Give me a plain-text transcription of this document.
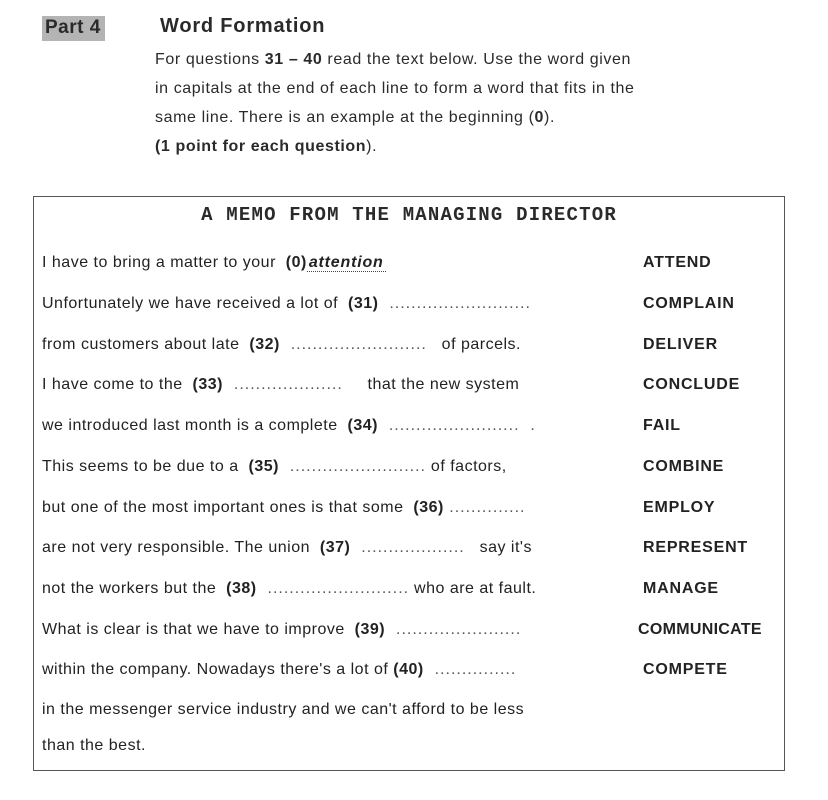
Part 4	Word Formation
For questions 31 – 40 read the text below. Use the word given
in capitals at the end of each line to form a word that fits in the
same line. There is an example at the beginning (0).
(1 point for each question).
A MEMO FROM THE MANAGING DIRECTOR
I have to bring a matter to your  (0) attention	ATTEND
Unfortunately we have received a lot of  (31)  ..........................	COMPLAIN
from customers about late  (32)  .........................   of parcels.	DELIVER
I have come to the  (33)  ....................     that the new system	CONCLUDE
we introduced last month is a complete  (34)  ........................  .	FAIL
This seems to be due to a  (35)  ......................... of factors,	COMBINE
but one of the most important ones is that some  (36) ..............	EMPLOY
are not very responsible. The union  (37)  ...................   say it's	REPRESENT
not the workers but the  (38)  .......................... who are at fault.	MANAGE
What is clear is that we have to improve  (39)  .......................	COMMUNICATE
within the company. Nowadays there's a lot of (40)  ...............	COMPETE
in the messenger service industry and we can't afford to be less
than the best.
